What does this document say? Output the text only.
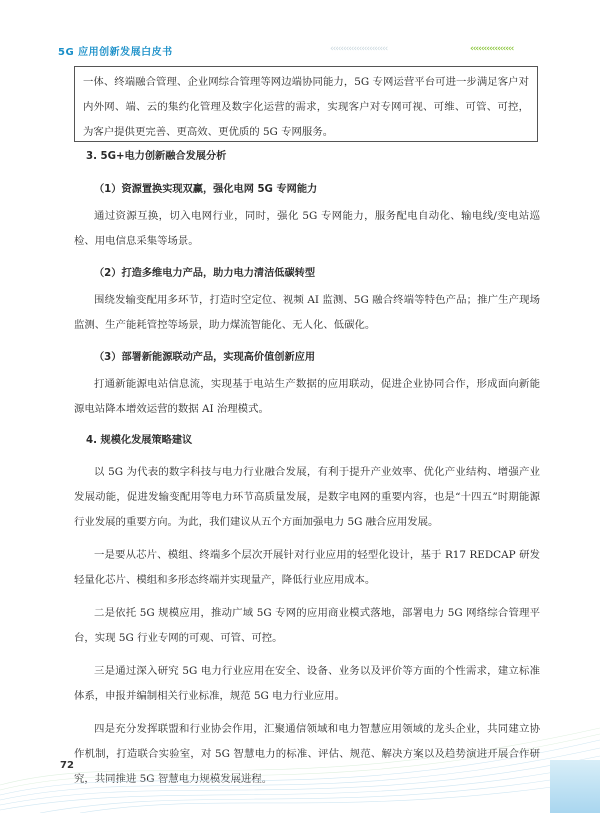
5G 应用创新发展白皮书	‹‹‹‹‹‹‹‹‹‹‹‹‹‹‹‹‹‹‹‹‹‹	‹‹‹‹‹‹‹‹‹‹‹‹‹‹‹‹
一体、终端融合管理、企业网综合管理等网边端协同能力，5G 专网运营平台可进一步满足客户对内外网、端、云的集约化管理及数字化运营的需求，实现客户对专网可视、可维、可管、可控，为客户提供更完善、更高效、更优质的 5G 专网服务。
3. 5G+电力创新融合发展分析
（1）资源置换实现双赢，强化电网 5G 专网能力

通过资源互换，切入电网行业，同时，强化 5G 专网能力，服务配电自动化、输电线/变电站巡检、用电信息采集等场景。

（2）打造多维电力产品，助力电力清洁低碳转型

围绕发输变配用多环节，打造时空定位、视频 AI 监测、5G 融合终端等特色产品；推广生产现场监测、生产能耗管控等场景，助力煤流智能化、无人化、低碳化。

（3）部署新能源联动产品，实现高价值创新应用

打通新能源电站信息流，实现基于电站生产数据的应用联动，促进企业协同合作，形成面向新能源电站降本增效运营的数据 AI 治理模式。

4. 规模化发展策略建议

以 5G 为代表的数字科技与电力行业融合发展，有利于提升产业效率、优化产业结构、增强产业发展动能，促进发输变配用等电力环节高质量发展，是数字电网的重要内容，也是“十四五”时期能源行业发展的重要方向。为此，我们建议从五个方面加强电力 5G 融合应用发展。

一是要从芯片、模组、终端多个层次开展针对行业应用的轻型化设计，基于 R17 REDCAP 研发轻量化芯片、模组和多形态终端并实现量产，降低行业应用成本。

二是依托 5G 规模应用，推动广域 5G 专网的应用商业模式落地，部署电力 5G 网络综合管理平台，实现 5G 行业专网的可观、可管、可控。

三是通过深入研究 5G 电力行业应用在安全、设备、业务以及评价等方面的个性需求，建立标准体系，申报并编制相关行业标准，规范 5G 电力行业应用。

四是充分发挥联盟和行业协会作用，汇聚通信领域和电力智慧应用领域的龙头企业，共同建立协作机制，打造联合实验室，对 5G 智慧电力的标准、评估、规范、解决方案以及趋势演进开展合作研究，共同推进 5G 智慧电力规模发展进程。

72
